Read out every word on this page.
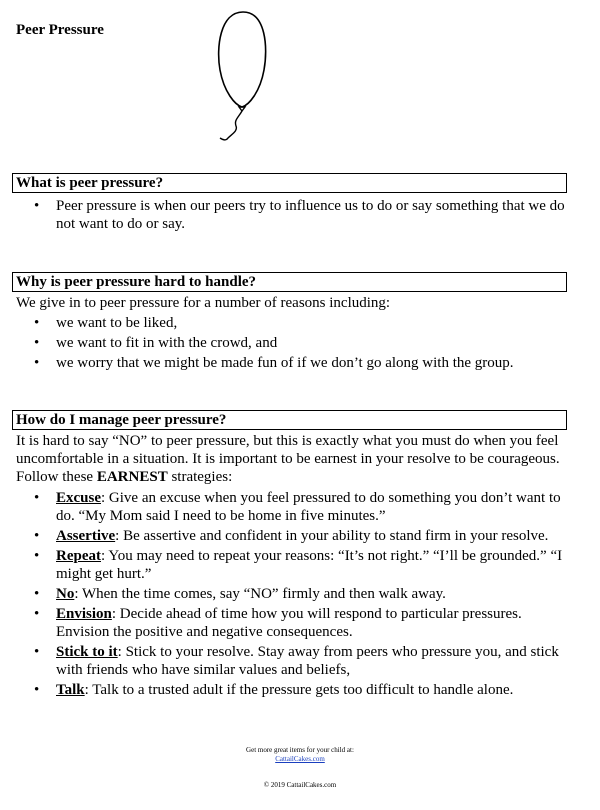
Peer Pressure
What is peer pressure?
• Peer pressure is when our peers try to influence us to do or say something that we do not want to do or say.
Why is peer pressure hard to handle?
We give in to peer pressure for a number of reasons including:
• we want to be liked,
• we want to fit in with the crowd, and
• we worry that we might be made fun of if we don’t go along with the group.
How do I manage peer pressure?
It is hard to say “NO” to peer pressure, but this is exactly what you must do when you feel uncomfortable in a situation. It is important to be earnest in your resolve to be courageous. Follow these EARNEST strategies:
• Excuse: Give an excuse when you feel pressured to do something you don’t want to do. “My Mom said I need to be home in five minutes.”
• Assertive: Be assertive and confident in your ability to stand firm in your resolve.
• Repeat: You may need to repeat your reasons: “It’s not right.” “I’ll be grounded.” “I might get hurt.”
• No: When the time comes, say “NO” firmly and then walk away.
• Envision: Decide ahead of time how you will respond to particular pressures. Envision the positive and negative consequences.
• Stick to it: Stick to your resolve. Stay away from peers who pressure you, and stick with friends who have similar values and beliefs,
• Talk: Talk to a trusted adult if the pressure gets too difficult to handle alone.
Get more great items for your child at:
CattailCakes.com
© 2019 CattailCakes.com
